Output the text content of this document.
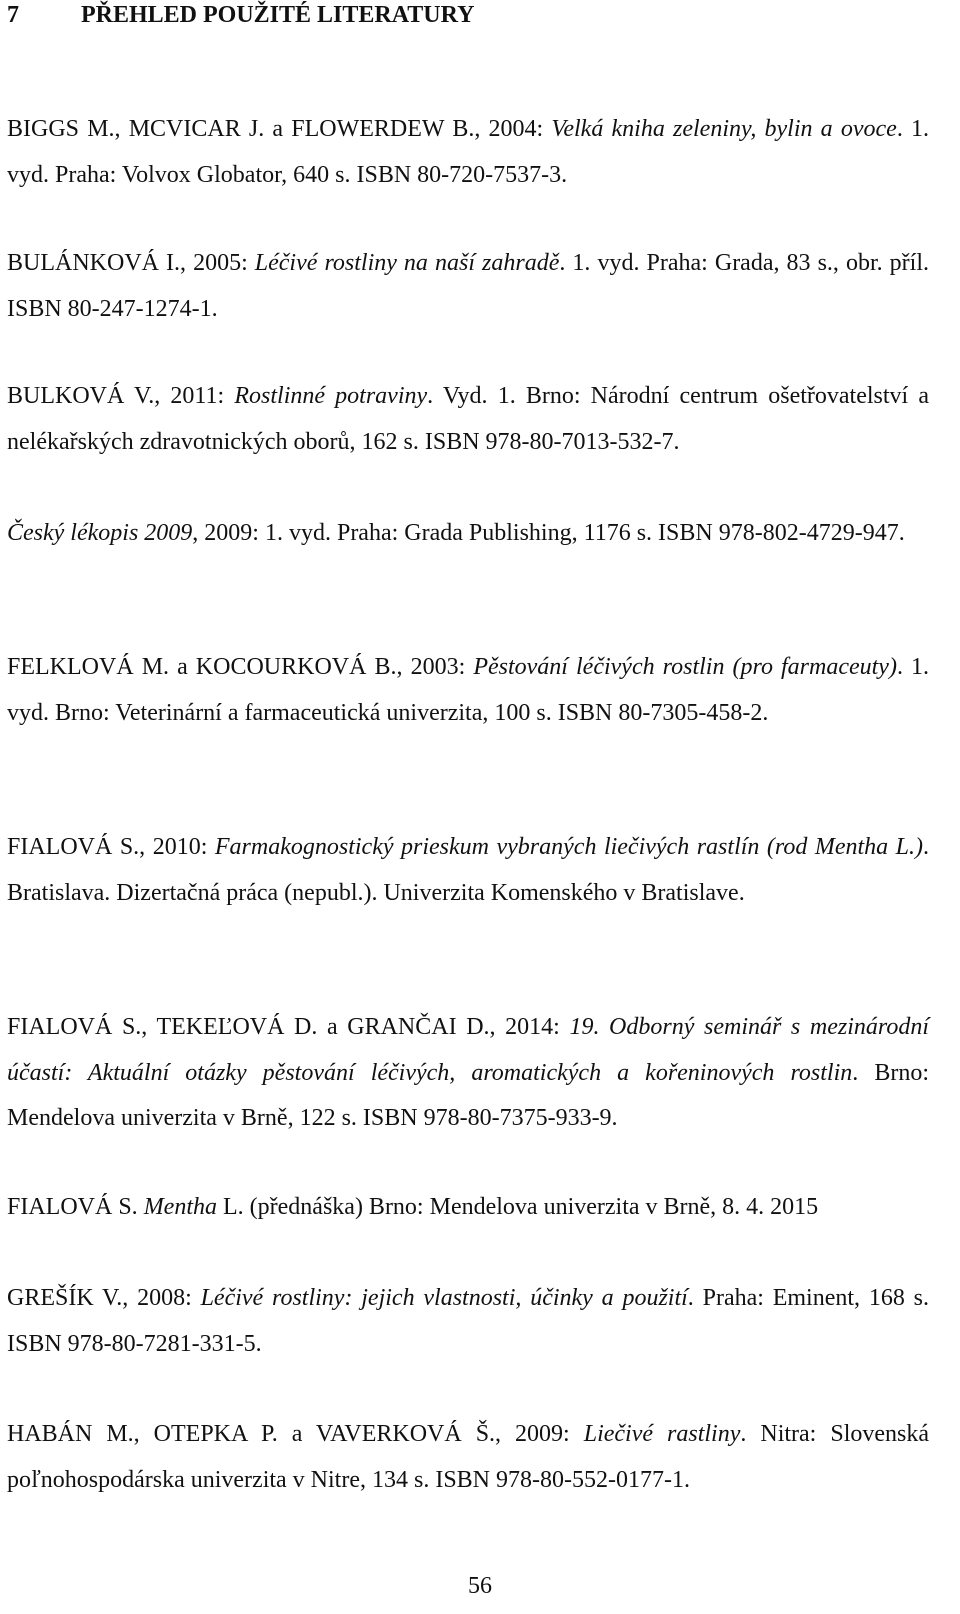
7	PŘEHLED POUŽITÉ LITERATURY

BIGGS M., MCVICAR J. a FLOWERDEW B., 2004: Velká kniha zeleniny, bylin a ovoce. 1. vyd. Praha: Volvox Globator, 640 s. ISBN 80-720-7537-3.

BULÁNKOVÁ I., 2005: Léčivé rostliny na naší zahradě. 1. vyd. Praha: Grada, 83 s., obr. příl. ISBN 80-247-1274-1.

BULKOVÁ V., 2011: Rostlinné potraviny. Vyd. 1. Brno: Národní centrum ošetřovatelství a nelékařských zdravotnických oborů, 162 s. ISBN 978-80-7013-532-7.

Český lékopis 2009, 2009: 1. vyd. Praha: Grada Publishing, 1176 s. ISBN 978-802-4729-947.

FELKLOVÁ M. a KOCOURKOVÁ B., 2003: Pěstování léčivých rostlin (pro farmaceuty). 1. vyd. Brno: Veterinární a farmaceutická univerzita, 100 s. ISBN 80-7305-458-2.

FIALOVÁ S., 2010: Farmakognostický prieskum vybraných liečivých rastlín (rod Mentha L.). Bratislava. Dizertačná práca (nepubl.). Univerzita Komenského v Bratislave.

FIALOVÁ S., TEKEĽOVÁ D. a GRANČAI D., 2014: 19. Odborný seminář s mezinárodní účastí: Aktuální otázky pěstování léčivých, aromatických a kořeninových rostlin. Brno: Mendelova univerzita v Brně, 122 s. ISBN 978-80-7375-933-9.

FIALOVÁ S. Mentha L. (přednáška) Brno: Mendelova univerzita v Brně, 8. 4. 2015

GREŠÍK V., 2008: Léčivé rostliny: jejich vlastnosti, účinky a použití. Praha: Eminent, 168 s. ISBN 978-80-7281-331-5.

HABÁN M., OTEPKA P. a VAVERKOVÁ Š., 2009: Liečivé rastliny. Nitra: Slovenská poľnohospodárska univerzita v Nitre, 134 s. ISBN 978-80-552-0177-1.

56
